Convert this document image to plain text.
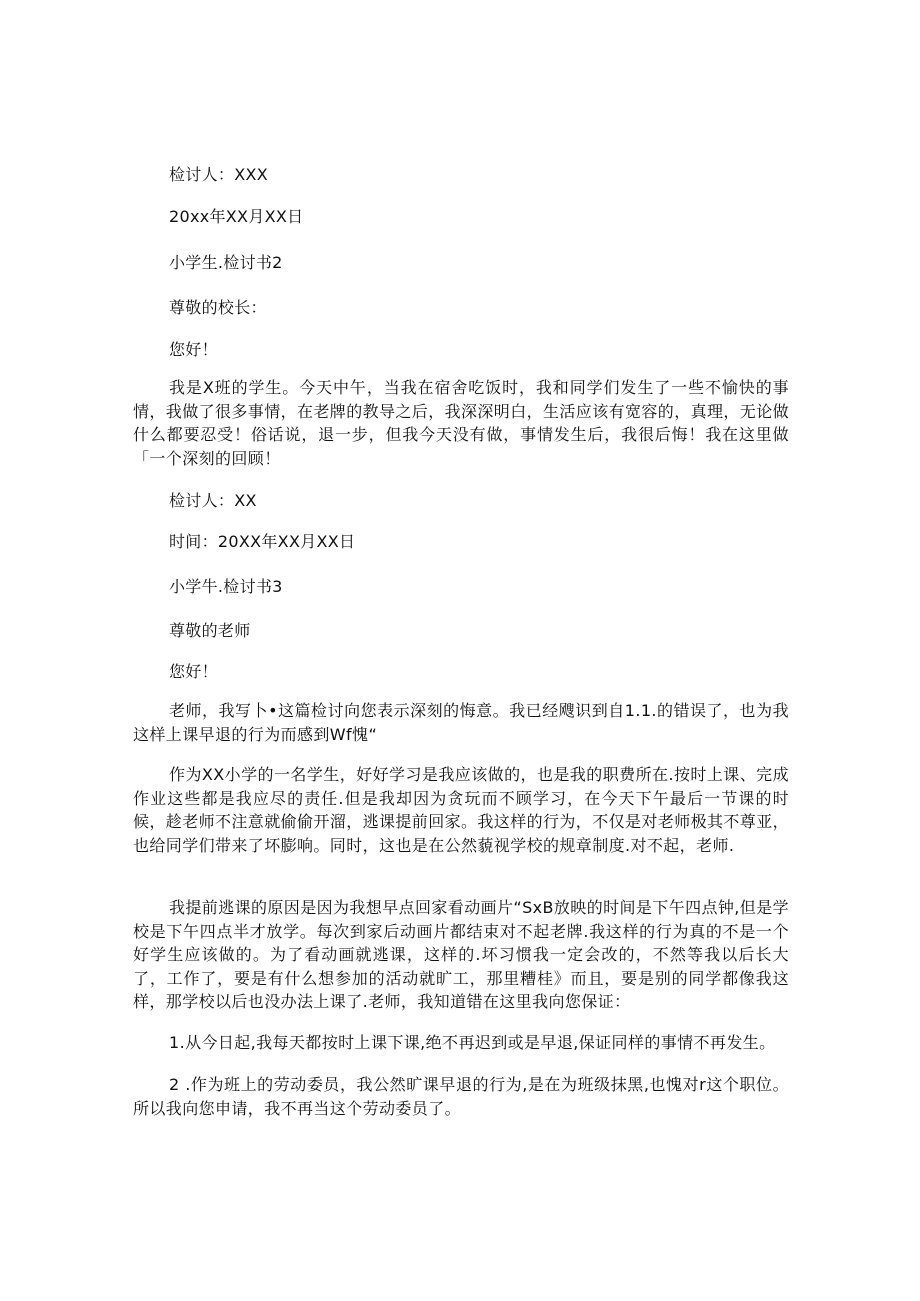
检讨人：XXX
20xx年XX月XX日
小学生.检讨书2
尊敬的校长：
您好！
我是X班的学生。今天中午，当我在宿舍吃饭时，我和同学们发生了一些不愉快的事情，我做了很多事情，在老牌的教导之后，我深深明白，生活应该有宽容的，真理，无论做什么都要忍受！俗话说，退一步，但我今天没有做，事情发生后，我很后悔！我在这里做「一个深刻的回顾！
检讨人：XX
时间：20XX年XX月XX日
小学牛.检讨书3
尊敬的老师
您好！
老师，我写卜•这篇检讨向您表示深刻的悔意。我已经飕识到自1.1.的错误了，也为我这样上课早退的行为而感到Wf愧“
作为XX小学的一名学生，好好学习是我应该做的，也是我的职费所在.按时上课、完成作业这些都是我应尽的责任.但是我却因为贪玩而不顾学习，在今天下午最后一节课的时候，趁老师不注意就偷偷开溜，逃课提前回家。我这样的行为，不仅是对老师极其不尊亚，也给同学们带来了坏膨响。同时，这也是在公然藐视学校的规章制度.对不起，老师.
我提前逃课的原因是因为我想早点回家看动画片“SxB放映的时间是下午四点钟,但是学校是下午四点半才放学。每次到家后动画片都结束对不起老牌.我这样的行为真的不是一个好学生应该做的。为了看动画就逃课，这样的.坏习惯我一定会改的，不然等我以后长大了，工作了，要是有什么想参加的活动就旷工，那里糟桂》而且，要是别的同学都像我这样，那学校以后也没办法上课了.老师，我知道错在这里我向您保证：
1.从今日起,我每天都按时上课下课,绝不再迟到或是早退,保证同样的事情不再发生。
2 .作为班上的劳动委员，我公然旷课早退的行为,是在为班级抹黑,也愧对r这个职位。所以我向您申请，我不再当这个劳动委员了。
